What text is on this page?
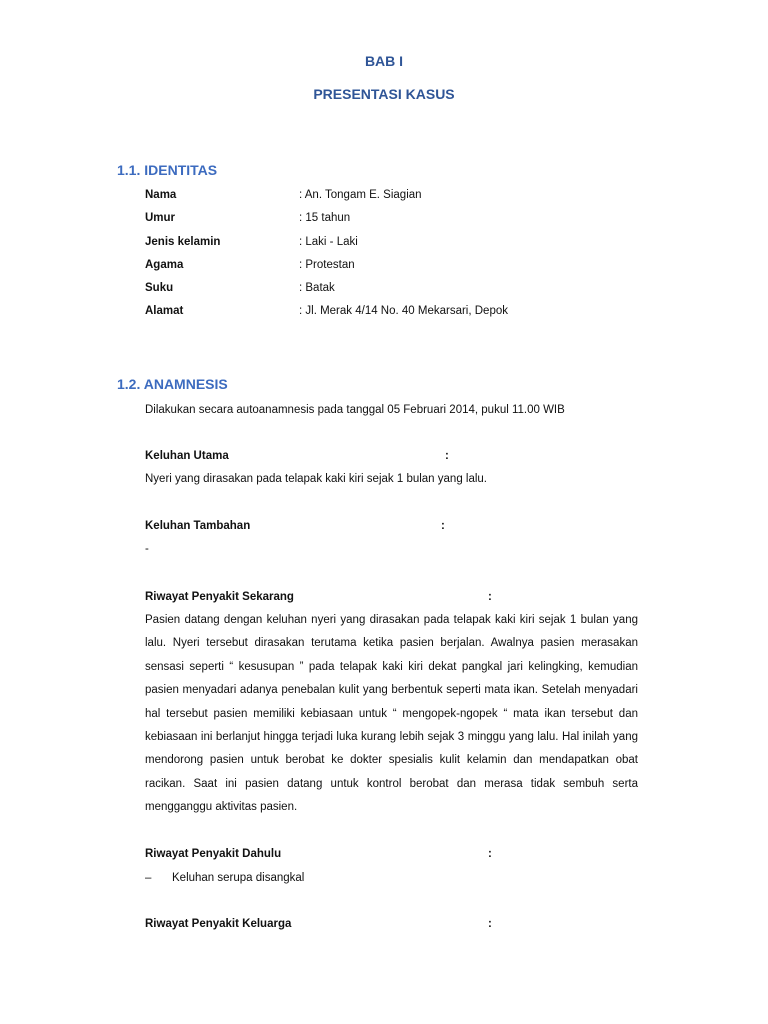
BAB I
PRESENTASI KASUS
1.1. IDENTITAS
Nama	: An. Tongam E. Siagian
Umur	: 15 tahun
Jenis kelamin	: Laki - Laki
Agama	: Protestan
Suku	: Batak
Alamat	: Jl. Merak 4/14 No. 40 Mekarsari, Depok
1.2. ANAMNESIS
Dilakukan secara autoanamnesis pada tanggal 05 Februari 2014, pukul 11.00 WIB
Keluhan Utama	:
Nyeri yang dirasakan pada telapak kaki kiri sejak 1 bulan yang lalu.
Keluhan Tambahan	:
-
Riwayat Penyakit Sekarang	:
Pasien datang dengan keluhan nyeri yang dirasakan pada telapak kaki kiri sejak 1 bulan yang lalu. Nyeri tersebut dirasakan terutama ketika pasien berjalan. Awalnya pasien merasakan sensasi seperti “ kesusupan ” pada telapak kaki kiri dekat pangkal jari kelingking, kemudian pasien menyadari adanya penebalan kulit yang berbentuk seperti mata ikan. Setelah menyadari hal tersebut pasien memiliki kebiasaan untuk “ mengopek-ngopek “ mata ikan tersebut dan kebiasaan ini berlanjut hingga terjadi luka kurang lebih sejak 3 minggu yang lalu. Hal inilah yang mendorong pasien untuk berobat ke dokter spesialis kulit kelamin dan mendapatkan obat racikan. Saat ini pasien datang untuk kontrol berobat dan merasa tidak sembuh serta mengganggu aktivitas pasien.
Riwayat Penyakit Dahulu	:
– Keluhan serupa disangkal
Riwayat Penyakit Keluarga	:
